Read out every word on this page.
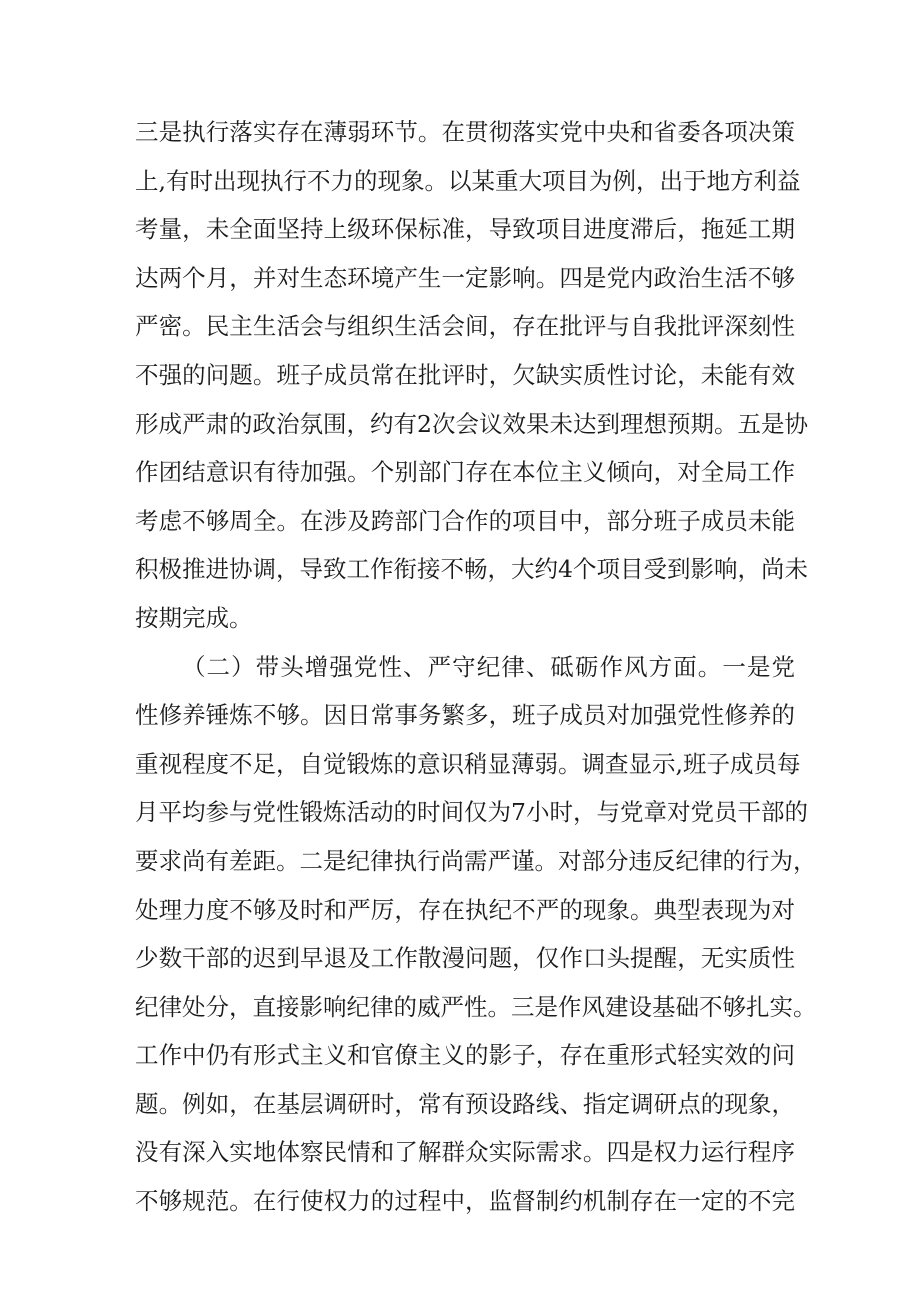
三是执行落实存在薄弱环节。在贯彻落实党中央和省委各项决策
上,有时出现执行不力的现象。以某重大项目为例，出于地方利益
考量，未全面坚持上级环保标准，导致项目进度滞后，拖延工期
达两个月，并对生态环境产生一定影响。四是党内政治生活不够
严密。民主生活会与组织生活会间，存在批评与自我批评深刻性
不强的问题。班子成员常在批评时，欠缺实质性讨论，未能有效
形成严肃的政治氛围，约有2次会议效果未达到理想预期。五是协
作团结意识有待加强。个别部门存在本位主义倾向，对全局工作
考虑不够周全。在涉及跨部门合作的项目中，部分班子成员未能
积极推进协调，导致工作衔接不畅，大约4个项目受到影响，尚未
按期完成。
（二）带头增强党性、严守纪律、砥砺作风方面。一是党
性修养锤炼不够。因日常事务繁多，班子成员对加强党性修养的
重视程度不足，自觉锻炼的意识稍显薄弱。调查显示,班子成员每
月平均参与党性锻炼活动的时间仅为7小时，与党章对党员干部的
要求尚有差距。二是纪律执行尚需严谨。对部分违反纪律的行为，
处理力度不够及时和严厉，存在执纪不严的现象。典型表现为对
少数干部的迟到早退及工作散漫问题，仅作口头提醒，无实质性
纪律处分，直接影响纪律的威严性。三是作风建设基础不够扎实。
工作中仍有形式主义和官僚主义的影子，存在重形式轻实效的问
题。例如，在基层调研时，常有预设路线、指定调研点的现象，
没有深入实地体察民情和了解群众实际需求。四是权力运行程序
不够规范。在行使权力的过程中，监督制约机制存在一定的不完
